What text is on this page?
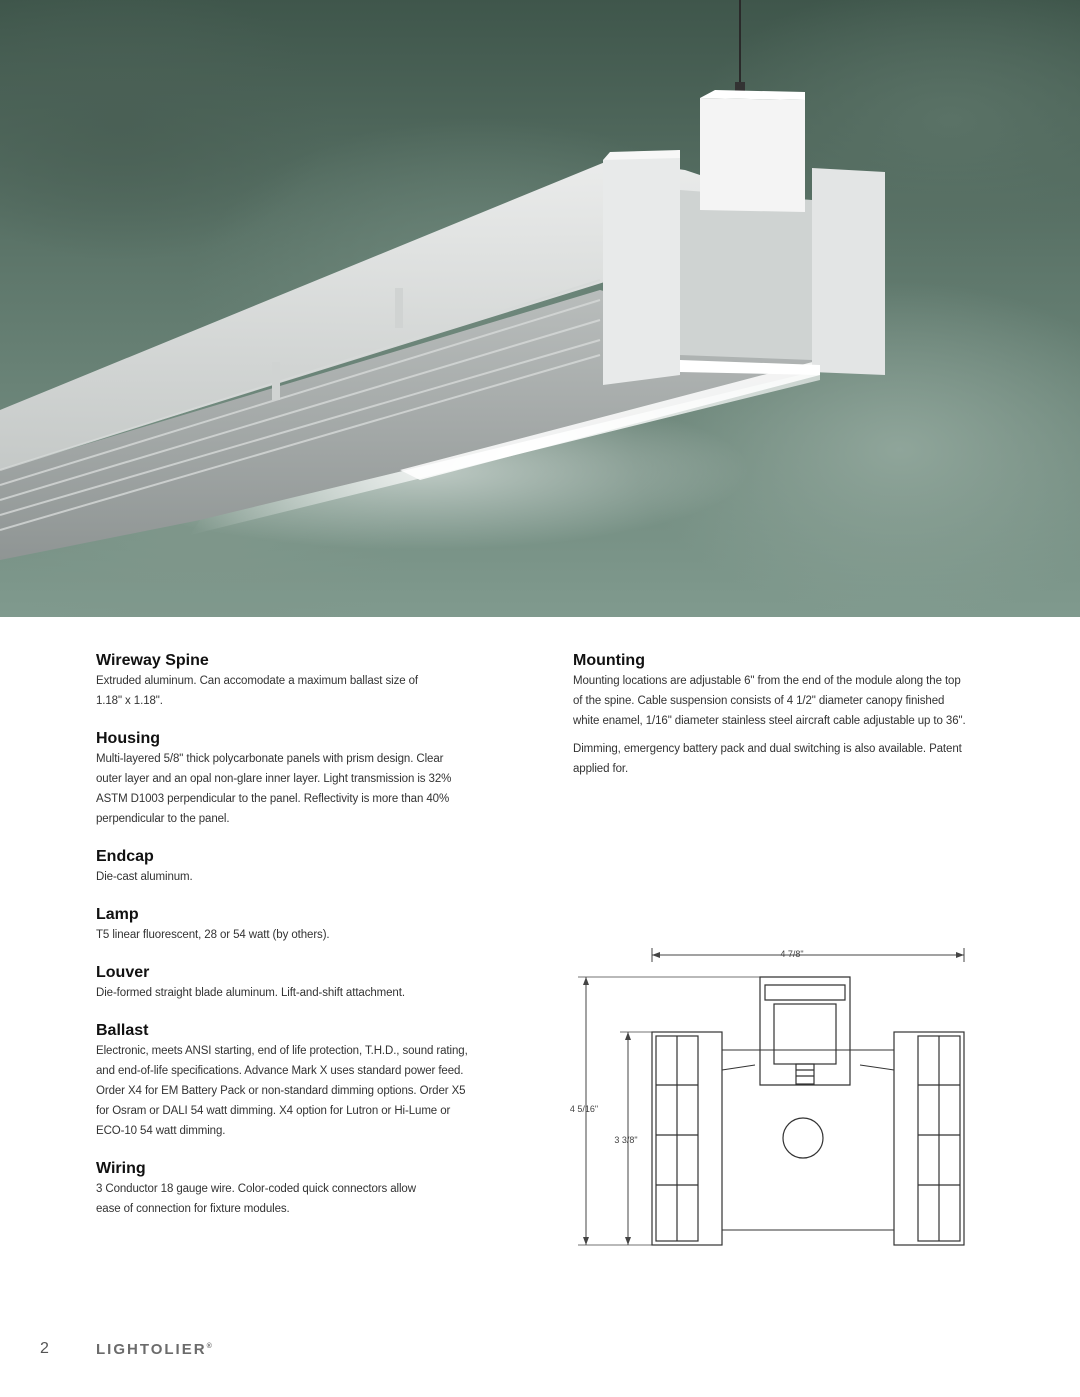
Wireway Spine

Extruded aluminum. Can accomodate a maximum ballast size of 1.18" x 1.18".

Housing

Multi-layered 5/8" thick polycarbonate panels with prism design. Clear outer layer and an opal non-glare inner layer. Light transmission is 32% ASTM D1003 perpendicular to the panel. Reflectivity is more than 40% perpendicular to the panel.

Endcap

Die-cast aluminum.

Lamp

T5 linear fluorescent, 28 or 54 watt (by others).

Louver

Die-formed straight blade aluminum. Lift-and-shift attachment.

Ballast

Electronic, meets ANSI starting, end of life protection, T.H.D., sound rating, and end-of-life specifications. Advance Mark X uses standard power feed. Order X4 for EM Battery Pack or non-standard dimming options. Order X5 for Osram or DALI 54 watt dimming. X4 option for Lutron or Hi-Lume or ECO-10 54 watt dimming.

Wiring

3 Conductor 18 gauge wire. Color-coded quick connectors allow ease of connection for fixture modules.

Mounting

Mounting locations are adjustable 6" from the end of the module along the top of the spine. Cable suspension consists of 4 1/2" diameter canopy finished white enamel, 1/16" diameter stainless steel aircraft cable adjustable up to 36".

Dimming, emergency battery pack and dual switching is also available. Patent applied for.

4 7/8"
4 5/16"
3 3/8"
2	LIGHTOLIER®
